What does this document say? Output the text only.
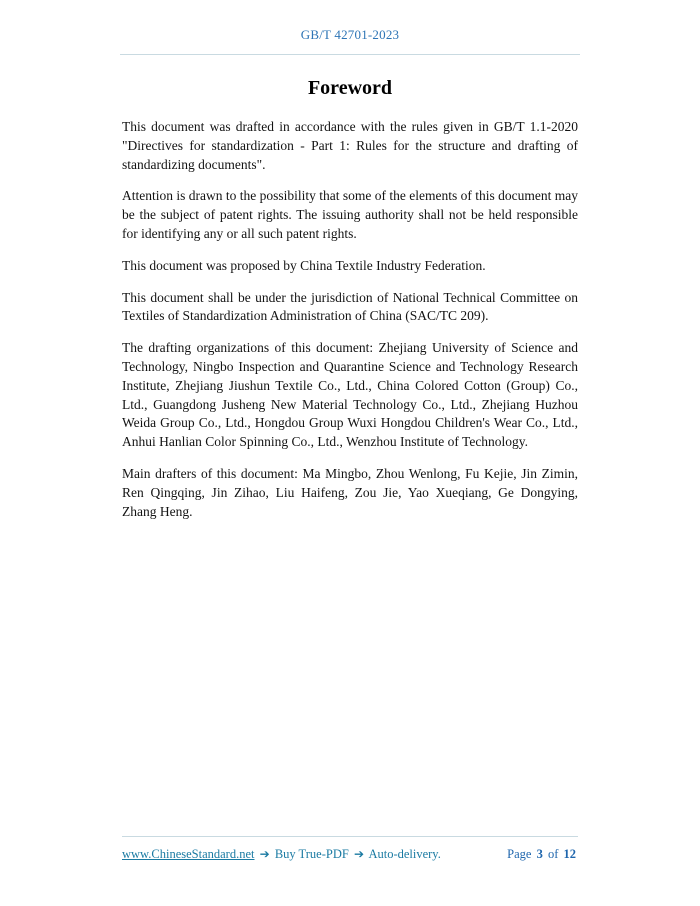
GB/T 42701-2023
Foreword

This document was drafted in accordance with the rules given in GB/T 1.1-2020 "Directives for standardization - Part 1: Rules for the structure and drafting of standardizing documents".

Attention is drawn to the possibility that some of the elements of this document may be the subject of patent rights. The issuing authority shall not be held responsible for identifying any or all such patent rights.

This document was proposed by China Textile Industry Federation.

This document shall be under the jurisdiction of National Technical Committee on Textiles of Standardization Administration of China (SAC/TC 209).

The drafting organizations of this document: Zhejiang University of Science and Technology, Ningbo Inspection and Quarantine Science and Technology Research Institute, Zhejiang Jiushun Textile Co., Ltd., China Colored Cotton (Group) Co., Ltd., Guangdong Jusheng New Material Technology Co., Ltd., Zhejiang Huzhou Weida Group Co., Ltd., Hongdou Group Wuxi Hongdou Children's Wear Co., Ltd., Anhui Hanlian Color Spinning Co., Ltd., Wenzhou Institute of Technology.

Main drafters of this document: Ma Mingbo, Zhou Wenlong, Fu Kejie, Jin Zimin, Ren Qingqing, Jin Zihao, Liu Haifeng, Zou Jie, Yao Xueqiang, Ge Dongying, Zhang Heng.

www.ChineseStandard.net ➔ Buy True-PDF ➔ Auto-delivery.	Page 3 of 12
